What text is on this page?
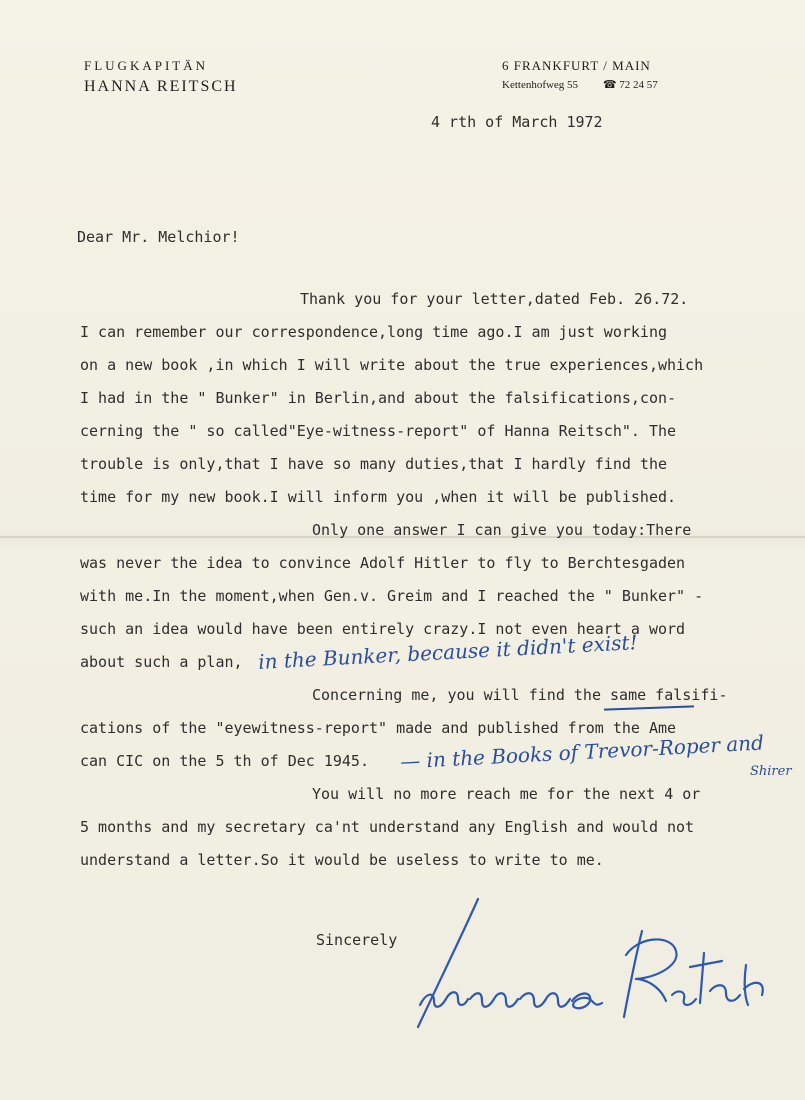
FLUGKAPITÄN
HANNA REITSCH
6 FRANKFURT / MAIN
Kettenhofweg 55 ☎ 72 24 57
4 rth of March 1972
Dear Mr. Melchior!
Thank you for your letter,dated Feb. 26.72.
I can remember our correspondence,long time ago.I am just working
on a new book ,in which I will write about the true experiences,which
I had in the " Bunker" in Berlin,and about the falsifications,con-
cerning the " so called"Eye-witness-report" of Hanna Reitsch". The
trouble is only,that I have so many duties,that I hardly find the
time for my new book.I will inform you ,when it will be published.
Only one answer I can give you today:There
was never the idea to convince Adolf Hitler to fly to Berchtesgaden
with me.In the moment,when Gen.v. Greim and I reached the " Bunker" -
such an idea would have been entirely crazy.I not even heart a word
about such a plan, in the Bunker, because it didn't exist!
Concerning me, you will find the same falsifi-
cations of the "eyewitness-report" made and published from the Ame
can CIC on the 5 th of Dec 1945. — in the Books of Trevor-Roper and
Shirer
You will no more reach me for the next 4 or
5 months and my secretary ca'nt understand any English and would not
understand a letter.So it would be useless to write to me.
Sincerely
